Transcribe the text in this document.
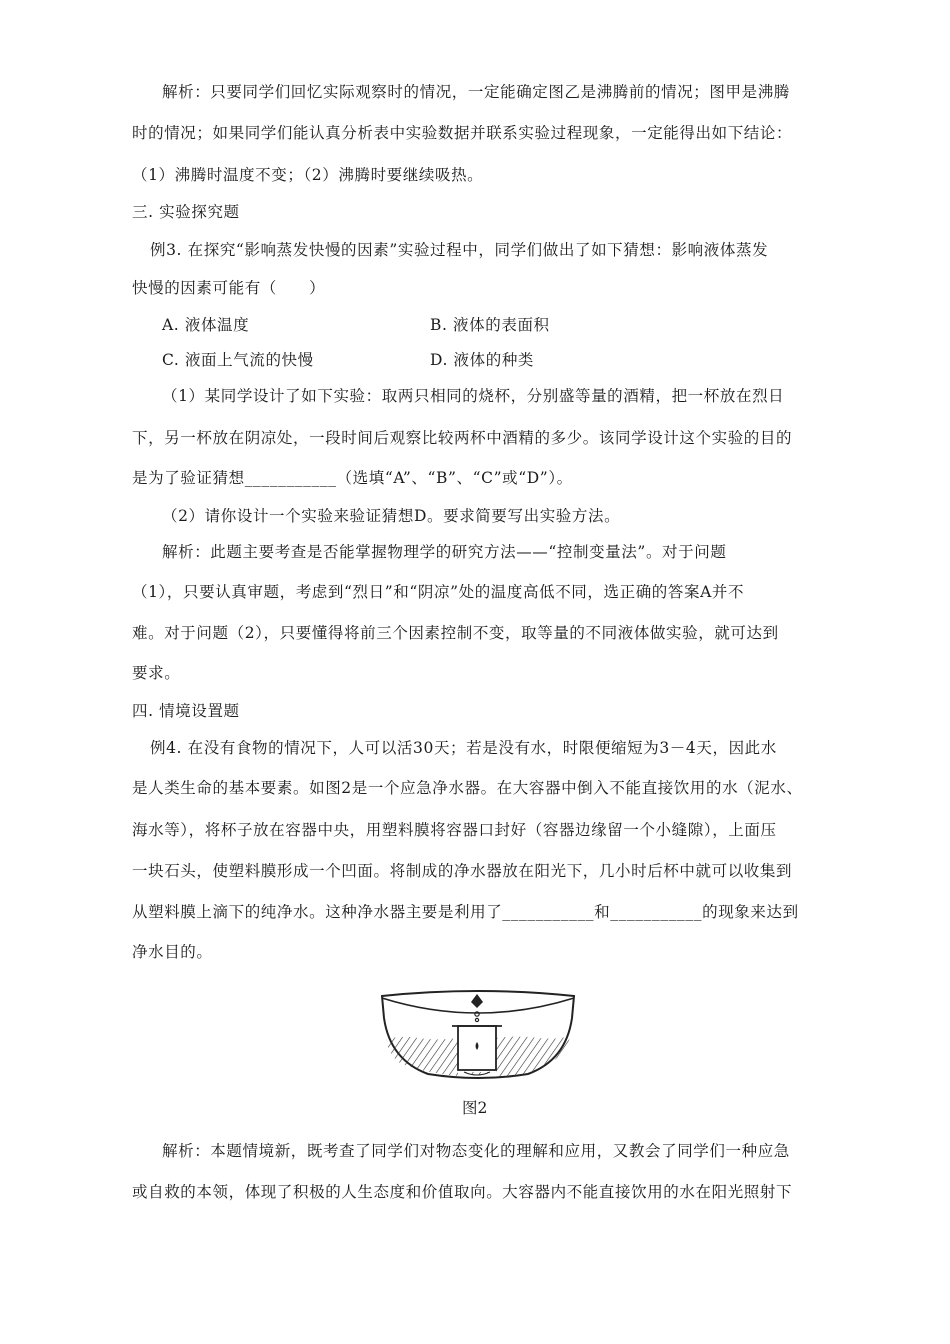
解析：只要同学们回忆实际观察时的情况，一定能确定图乙是沸腾前的情况；图甲是沸腾
时的情况；如果同学们能认真分析表中实验数据并联系实验过程现象，一定能得出如下结论：
（1）沸腾时温度不变；（2）沸腾时要继续吸热。
三. 实验探究题
例3. 在探究“影响蒸发快慢的因素”实验过程中，同学们做出了如下猜想：影响液体蒸发
快慢的因素可能有（　　）
A. 液体温度	B. 液体的表面积
C. 液面上气流的快慢	D. 液体的种类
（1）某同学设计了如下实验：取两只相同的烧杯，分别盛等量的酒精，把一杯放在烈日
下，另一杯放在阴凉处，一段时间后观察比较两杯中酒精的多少。该同学设计这个实验的目的
是为了验证猜想___________（选填“A”、“B”、“C”或“D”）。
（2）请你设计一个实验来验证猜想D。要求简要写出实验方法。
解析：此题主要考查是否能掌握物理学的研究方法——“控制变量法”。对于问题
（1），只要认真审题，考虑到“烈日”和“阴凉”处的温度高低不同，选正确的答案A并不
难。对于问题（2），只要懂得将前三个因素控制不变，取等量的不同液体做实验，就可达到
要求。
四. 情境设置题
例4. 在没有食物的情况下，人可以活30天；若是没有水，时限便缩短为3－4天，因此水
是人类生命的基本要素。如图2是一个应急净水器。在大容器中倒入不能直接饮用的水（泥水、
海水等），将杯子放在容器中央，用塑料膜将容器口封好（容器边缘留一个小缝隙），上面压
一块石头，使塑料膜形成一个凹面。将制成的净水器放在阳光下，几小时后杯中就可以收集到
从塑料膜上滴下的纯净水。这种净水器主要是利用了___________和___________的现象来达到
净水目的。
图2
解析：本题情境新，既考查了同学们对物态变化的理解和应用，又教会了同学们一种应急
或自救的本领，体现了积极的人生态度和价值取向。大容器内不能直接饮用的水在阳光照射下
